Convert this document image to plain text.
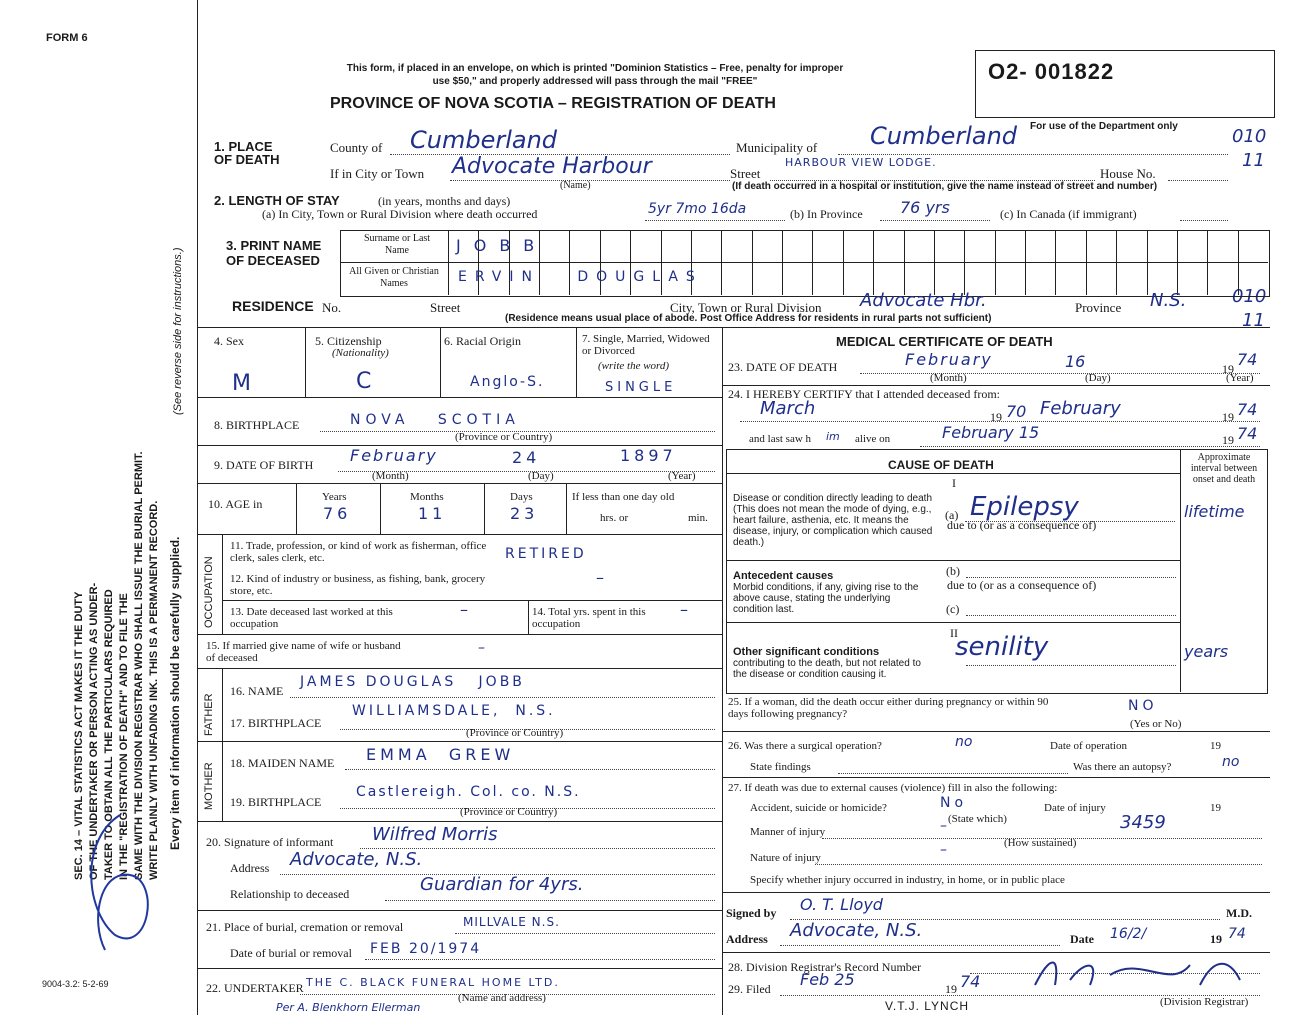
FORM 6
9004-3.2: 5-2-69
SEC. 14 – VITAL STATISTICS ACT MAKES IT THE DUTY OF THE UNDERTAKER OR PERSON ACTING AS UNDER- TAKER TO OBTAIN ALL THE PARTICULARS REQUIRED IN THE "REGISTRATION OF DEATH" AND TO FILE THE SAME WITH THE DIVISION REGISTRAR WHO SHALL ISSUE THE BURIAL PERMIT. WRITE PLAINLY WITH UNFADING INK. THIS IS A PERMANENT RECORD. Every item of information should be carefully supplied.
(See reverse side for instructions.)
This form, if placed in an envelope, on which is printed "Dominion Statistics – Free, penalty for improper
use $50," and properly addressed will pass through the mail "FREE"
PROVINCE OF NOVA SCOTIA – REGISTRATION OF DEATH
O2- 001822
For use of the Department only	010
11
010
11
1. PLACE OF DEATH
County of Cumberland	Municipality of Cumberland
If in City or Town Advocate Harbour
(Name)
Street
HARBOUR VIEW LODGE.
House No.
(If death occurred in a hospital or institution, give the name instead of street and number)
2. LENGTH OF STAY	(in years, months and days)
(a) In City, Town or Rural Division where death occurred	5yr 7mo 16da	(b) In Province 76 yrs	(c) In Canada (if immigrant)
3. PRINT NAME OF DECEASED
Surname or Last Name
All Given or Christian Names
JOBB
ERVIN   DOUGLAS
RESIDENCE No.	Street	City, Town or Rural Division Advocate Hbr.	Province N.S.
(Residence means usual place of abode. Post Office Address for residents in rural parts not sufficient)
4. Sex
M
5. Citizenship
(Nationality)
C
6. Racial Origin
Anglo-S.
7. Single, Married, Widowed or Divorced
(write the word)
SINGLE
8. BIRTHPLACE	NOVA   SCOTIA
(Province or Country)
9. DATE OF BIRTH February	24	1897
(Month)	(Day)	(Year)
10. AGE in	Years	Months	Days
76	11	23
If less than one day old
hrs. or	min.
OCCUPATION
11. Trade, profession, or kind of work as fisherman, office clerk, sales clerk, etc.	RETIRED
12. Kind of industry or business, as fishing, bank, grocery store, etc.
–
13. Date deceased last worked at this occupation
–	14. Total yrs. spent in this occupation
–
15. If married give name of wife or husband of deceased
–
FATHER
16. NAME
JAMES DOUGLAS   JOBB
17. BIRTHPLACE
WILLIAMSDALE,  N.S.
(Province or Country)
MOTHER 18. MAIDEN NAME EMMA  GREW
19. BIRTHPLACE
Castlereigh. Col. co. N.S.
(Province or Country)
20. Signature of informant Wilfred Morris
Address Advocate, N.S.
Relationship to deceased	Guardian for 4yrs.
21. Place of burial, cremation or removal	MILLVALE N.S.
Date of burial or removal FEB 20/1974
22. UNDERTAKER THE C. BLACK FUNERAL HOME LTD.
(Name and address)
Per A. Blenkhorn Ellerman
MEDICAL CERTIFICATE OF DEATH
23. DATE OF DEATH	February	16	19 74
(Month)	(Day)	(Year)
24. I HEREBY CERTIFY that I attended deceased from:
March	19 70 February	19 74
and last saw h im alive on	February 15	19 74
CAUSE OF DEATH
Approximate interval between onset and death
I
Disease or condition directly leading to death (This does not mean the mode of dying, e.g., heart failure, asthenia, etc. It means the disease, injury, or complication which caused death.)
(a) Epilepsy	lifetime
due to (or as a consequence of)
Antecedent causes
Morbid conditions, if any, giving rise to the above cause, stating the underlying condition last.
(b)
due to (or as a consequence of)
(c)
II
Other significant conditions
contributing to the death, but not related to the disease or condition causing it.
senility	years
25. If a woman, did the death occur either during pregnancy or within 90 days following pregnancy?	NO
(Yes or No)
26. Was there a surgical operation?	no	Date of operation	19
State findings	Was there an autopsy?	no
27. If death was due to external causes (violence) fill in also the following:
Accident, suicide or homicide?	No
(State which)
Date of injury	19
Manner of injury	–
(How sustained)
Nature of injury	–
Specify whether injury occurred in industry, in home, or in public place
Signed by O. T. Lloyd	M.D.
Address Advocate, N.S.	Date 16/2/	19 74
28. Division Registrar's Record Number
3459
29. Filed Feb 25	19 74
(Division Registrar)
V.T.J. LYNCH
